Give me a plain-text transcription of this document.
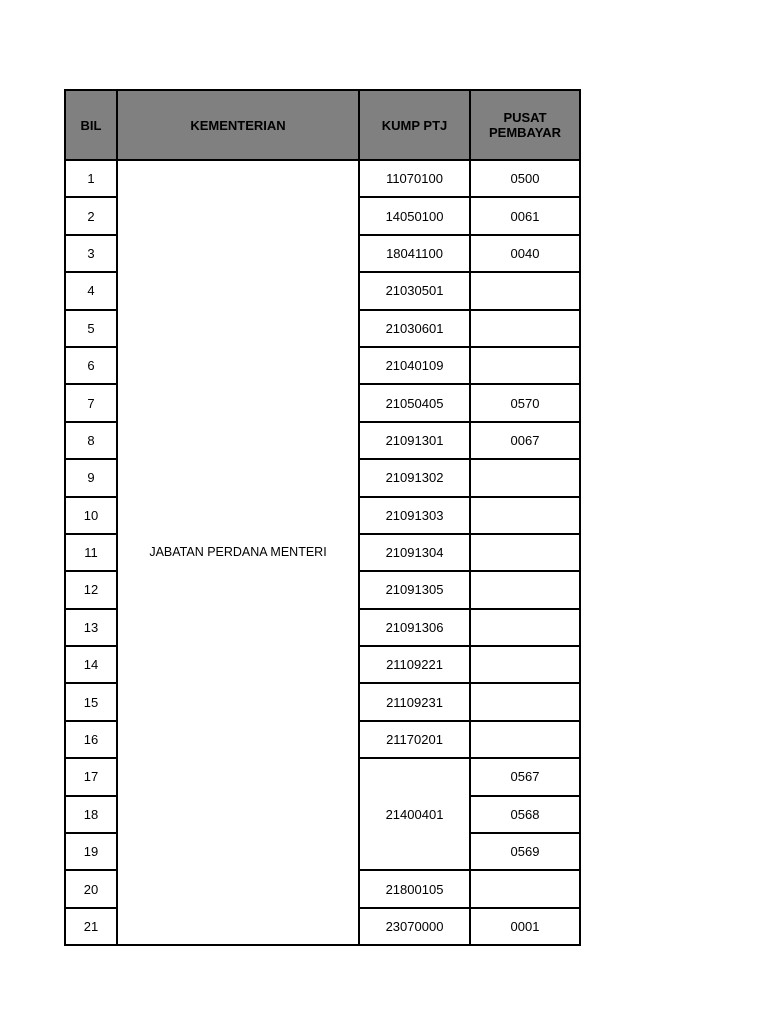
BIL	KEMENTERIAN	KUMP PTJ	PUSAT
PEMBAYAR
1	JABATAN PERDANA MENTERI	11070100	0500
2		14050100	0061
3		18041100	0040
4		21030501	
5		21030601	
6		21040109	
7		21050405	0570
8		21091301	0067
9		21091302	
10		21091303	
11		21091304	
12		21091305	
13		21091306	
14		21109221	
15		21109231	
16		21170201	
17		21400401	0567
18			0568
19			0569
20		21800105	
21		23070000	0001
